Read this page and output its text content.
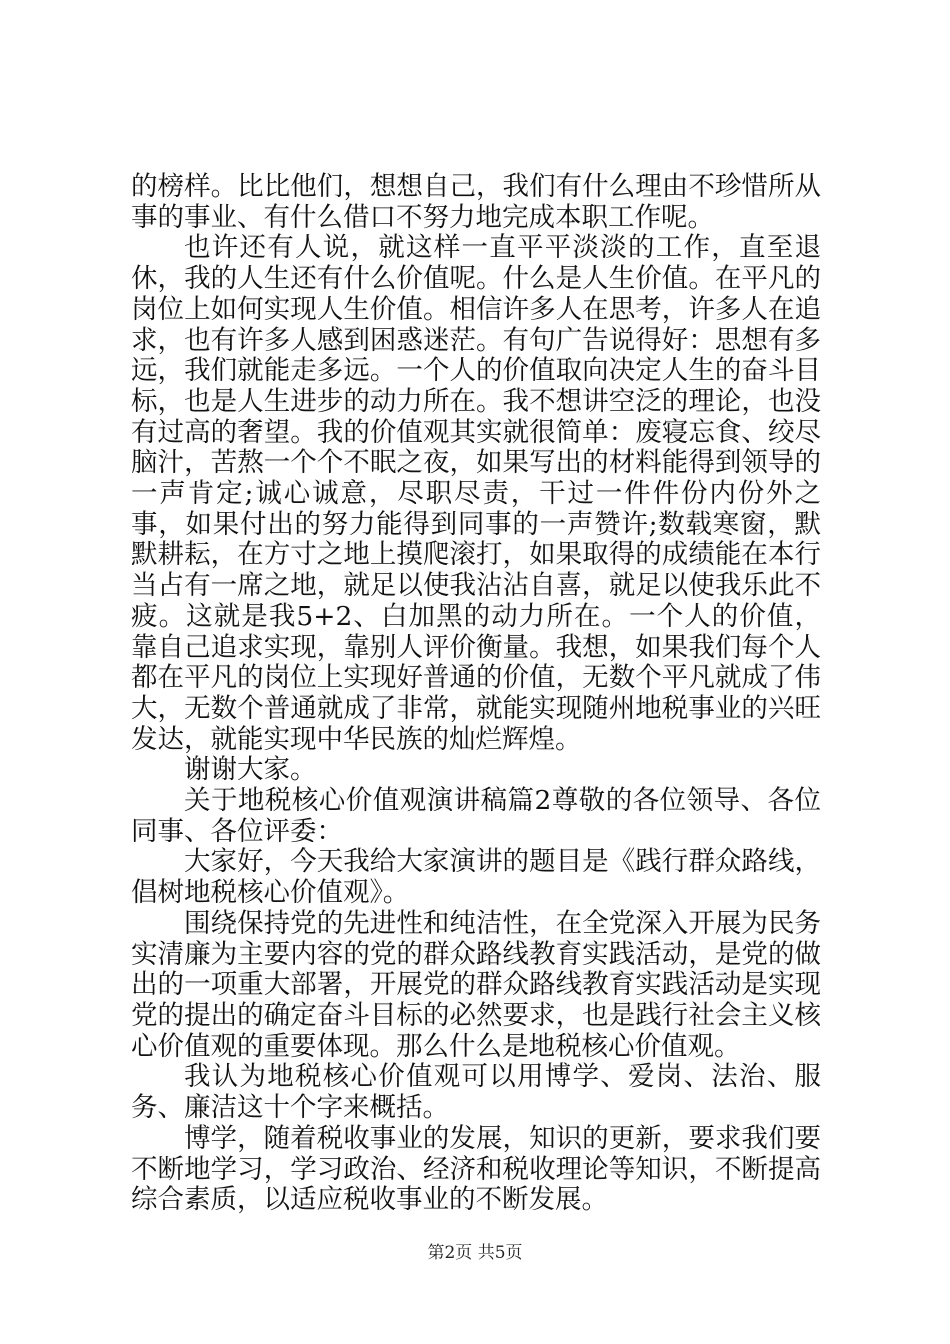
的榜样。比比他们，想想自己，我们有什么理由不珍惜所从事的事业、有什么借口不努力地完成本职工作呢。

也许还有人说，就这样一直平平淡淡的工作，直至退休，我的人生还有什么价值呢。什么是人生价值。在平凡的岗位上如何实现人生价值。相信许多人在思考，许多人在追求，也有许多人感到困惑迷茫。有句广告说得好：思想有多远，我们就能走多远。一个人的价值取向决定人生的奋斗目标，也是人生进步的动力所在。我不想讲空泛的理论，也没有过高的奢望。我的价值观其实就很简单：废寝忘食、绞尽脑汁，苦熬一个个不眠之夜，如果写出的材料能得到领导的一声肯定;诚心诚意，尽职尽责，干过一件件份内份外之事，如果付出的努力能得到同事的一声赞许;数载寒窗，默默耕耘，在方寸之地上摸爬滚打，如果取得的成绩能在本行当占有一席之地，就足以使我沾沾自喜，就足以使我乐此不疲。这就是我5+2、白加黑的动力所在。一个人的价值，靠自己追求实现，靠别人评价衡量。我想，如果我们每个人都在平凡的岗位上实现好普通的价值，无数个平凡就成了伟大，无数个普通就成了非常，就能实现随州地税事业的兴旺发达，就能实现中华民族的灿烂辉煌。

谢谢大家。

关于地税核心价值观演讲稿篇2尊敬的各位领导、各位同事、各位评委：

大家好，今天我给大家演讲的题目是《践行群众路线，倡树地税核心价值观》。

围绕保持党的先进性和纯洁性，在全党深入开展为民务实清廉为主要内容的党的群众路线教育实践活动，是党的做出的一项重大部署，开展党的群众路线教育实践活动是实现党的提出的确定奋斗目标的必然要求，也是践行社会主义核心价值观的重要体现。那么什么是地税核心价值观。

我认为地税核心价值观可以用博学、爱岗、法治、服务、廉洁这十个字来概括。

博学，随着税收事业的发展，知识的更新，要求我们要不断地学习，学习政治、经济和税收理论等知识，不断提高综合素质，以适应税收事业的不断发展。

第2页 共5页
